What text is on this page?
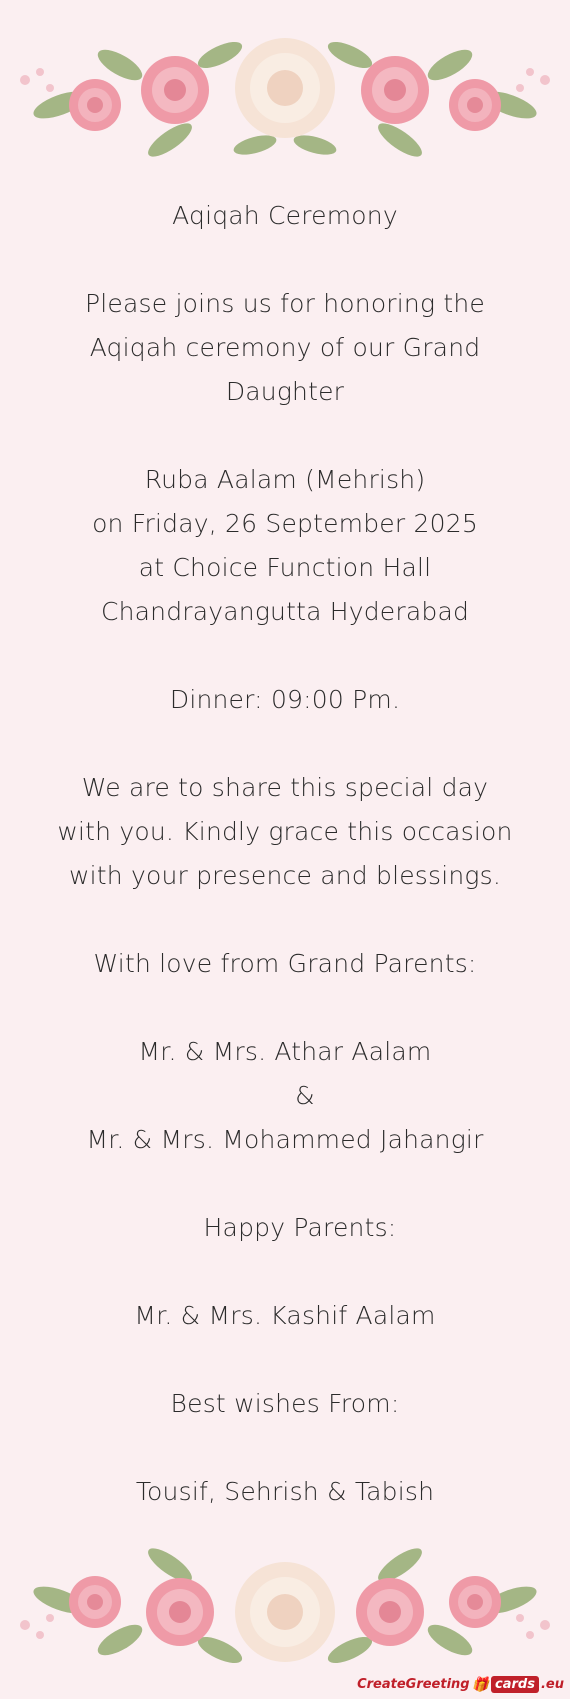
Aqiqah Ceremony

Please joins us for honoring the
Aqiqah ceremony of our Grand
Daughter

Ruba Aalam (Mehrish)
on Friday, 26 September 2025
at Choice Function Hall
Chandrayangutta Hyderabad

Dinner: 09:00 Pm.

We are to share this special day
with you. Kindly grace this occasion
with your presence and blessings.

With love from Grand Parents:

Mr. & Mrs. Athar Aalam
&
Mr. & Mrs. Mohammed Jahangir

Happy Parents:

Mr. & Mrs. Kashif Aalam

Best wishes From:

Tousif, Sehrish & Tabish
CreateGreeting 🎁 cards .eu
